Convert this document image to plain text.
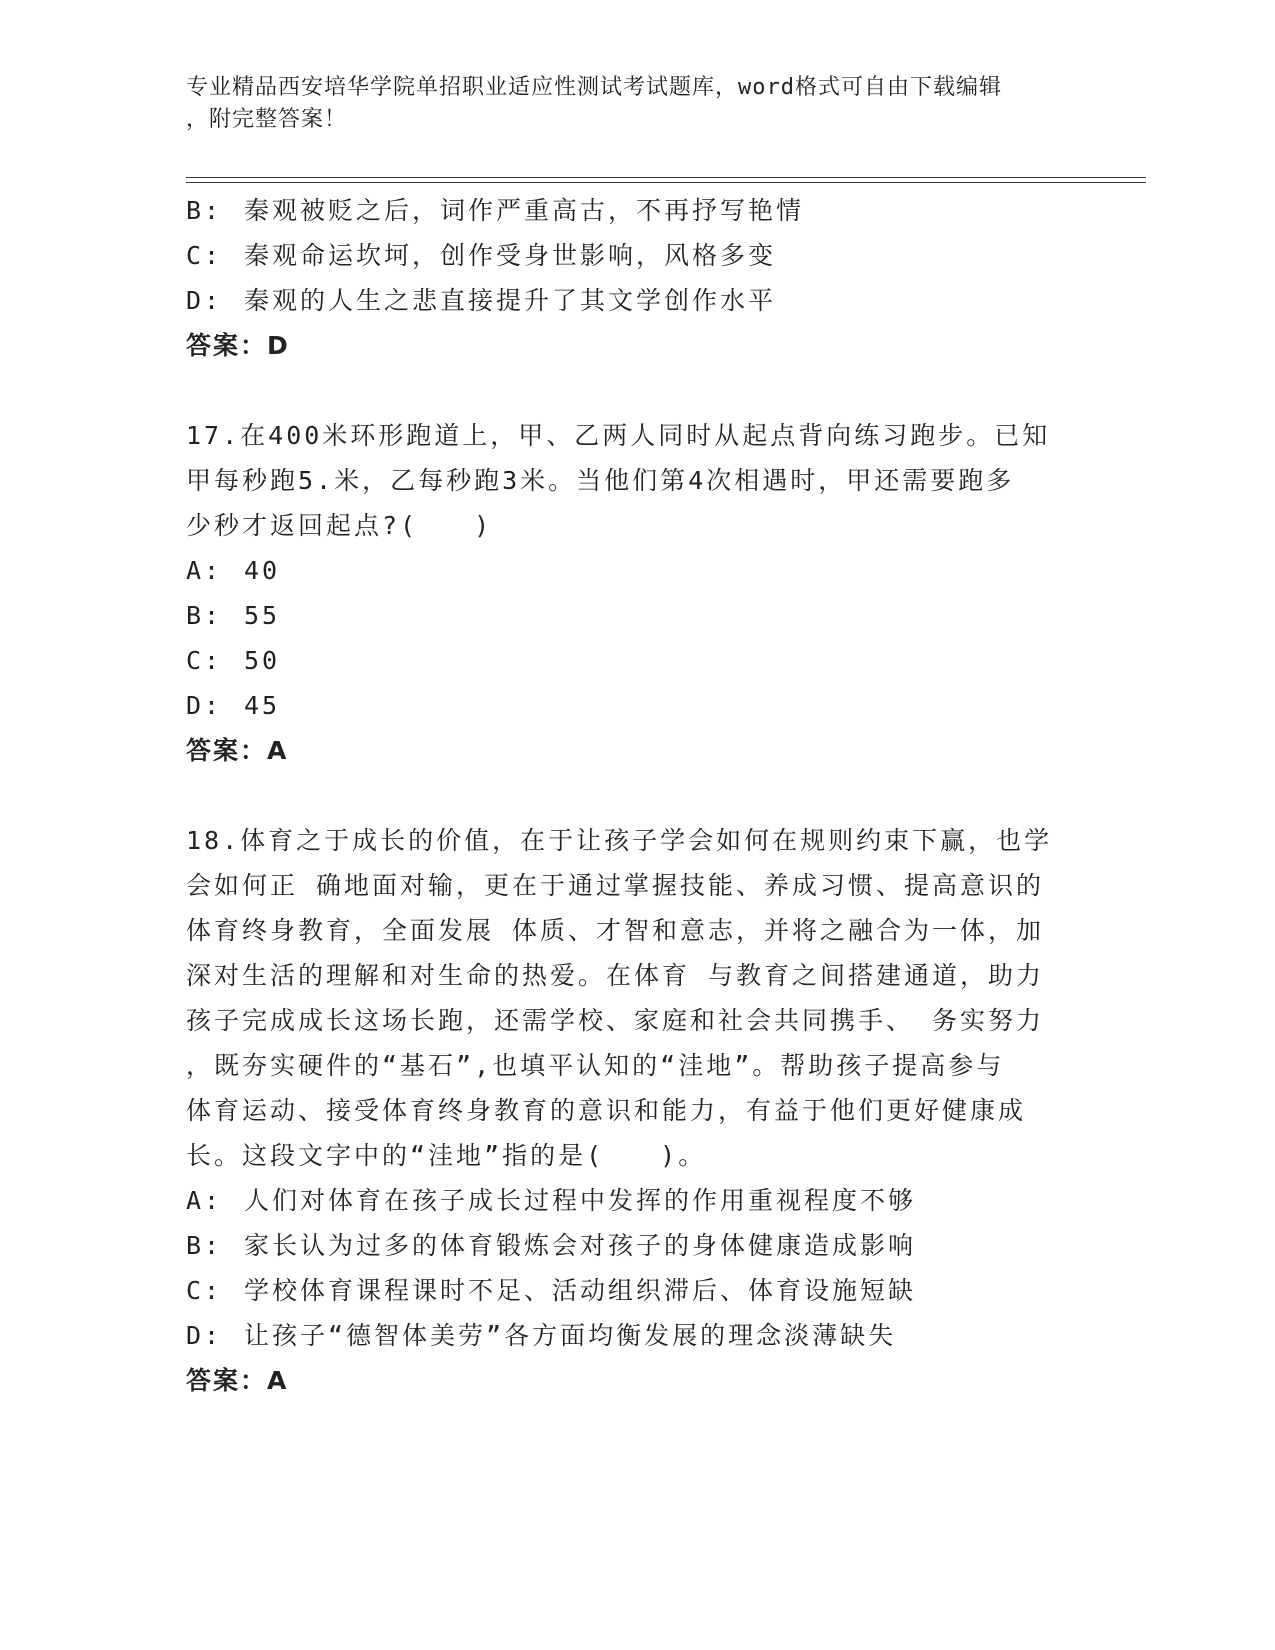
专业精品西安培华学院单招职业适应性测试考试题库，word格式可自由下载编辑
，附完整答案！
B: 秦观被贬之后，词作严重高古，不再抒写艳情
C: 秦观命运坎坷，创作受身世影响，风格多变
D: 秦观的人生之悲直接提升了其文学创作水平
答案：D
17.在400米环形跑道上，甲、乙两人同时从起点背向练习跑步。已知
甲每秒跑5.米，乙每秒跑3米。当他们第4次相遇时，甲还需要跑多
少秒才返回起点?(　　)
A: 40
B: 55
C: 50
D: 45
答案：A
18.体育之于成长的价值，在于让孩子学会如何在规则约束下赢，也学
会如何正 确地面对输，更在于通过掌握技能、养成习惯、提高意识的
体育终身教育，全面发展 体质、才智和意志，并将之融合为一体，加
深对生活的理解和对生命的热爱。在体育 与教育之间搭建通道，助力
孩子完成成长这场长跑，还需学校、家庭和社会共同携手、 务实努力
，既夯实硬件的“基石”,也填平认知的“洼地”。帮助孩子提高参与
体育运动、接受体育终身教育的意识和能力，有益于他们更好健康成
长。这段文字中的“洼地”指的是(　　)。
A: 人们对体育在孩子成长过程中发挥的作用重视程度不够
B: 家长认为过多的体育锻炼会对孩子的身体健康造成影响
C: 学校体育课程课时不足、活动组织滞后、体育设施短缺
D: 让孩子“德智体美劳”各方面均衡发展的理念淡薄缺失
答案：A
